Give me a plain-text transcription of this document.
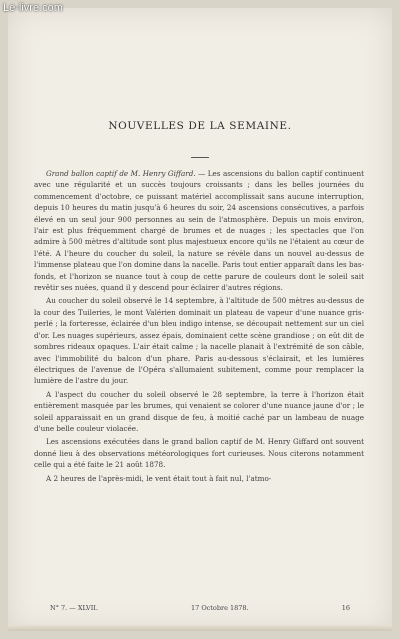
Le-livre.com
NOUVELLES DE LA SEMAINE.

Grand ballon captif de M. Henry Giffard. — Les ascensions du ballon captif continuent avec une régularité et un succès toujours croissants ; dans les belles journées du commencement d'octobre, ce puissant matériel accomplissait sans aucune interruption, depuis 10 heures du matin jusqu'à 6 heures du soir, 24 ascensions consécutives, a parfois élevé en un seul jour 900 personnes au sein de l'atmosphère. Depuis un mois environ, l'air est plus fréquemment chargé de brumes et de nuages ; les spectacles que l'on admire à 500 mètres d'altitude sont plus majestueux encore qu'ils ne l'étaient au cœur de l'été. A l'heure du coucher du soleil, la nature se révèle dans un nouvel au-dessus de l'immense plateau que l'on domine dans la nacelle. Paris tout entier apparaît dans les bas-fonds, et l'horizon se nuance tout à coup de cette parure de couleurs dont le soleil sait revêtir ses nuées, quand il y descend pour éclairer d'autres régions.

Au coucher du soleil observé le 14 septembre, à l'altitude de 500 mètres au-dessus de la cour des Tuileries, le mont Valérien dominait un plateau de vapeur d'une nuance gris-perlé ; la forteresse, éclairée d'un bleu indigo intense, se découpait nettement sur un ciel d'or. Les nuages supérieurs, assez épais, dominaient cette scène grandiose ; on eût dit de sombres rideaux opaques. L'air était calme ; la nacelle planait à l'extrémité de son câble, avec l'immobilité du balcon d'un phare. Paris au-dessous s'éclairait, et les lumières électriques de l'avenue de l'Opéra s'allumaient subitement, comme pour remplacer la lumière de l'astre du jour.

A l'aspect du coucher du soleil observé le 28 septembre, la terre à l'horizon était entièrement masquée par les brumes, qui venaient se colorer d'une nuance jaune d'or ; le soleil apparaissait en un grand disque de feu, à moitié caché par un lambeau de nuage d'une belle couleur violacée.

Les ascensions exécutées dans le grand ballon captif de M. Henry Giffard ont souvent donné lieu à des observations météorologiques fort curieuses. Nous citerons notamment celle qui a été faite le 21 août 1878.

A 2 heures de l'après-midi, le vent était tout à fait nul, l'atmo-

N° 7. — XLVII.	17 Octobre 1878.	16
